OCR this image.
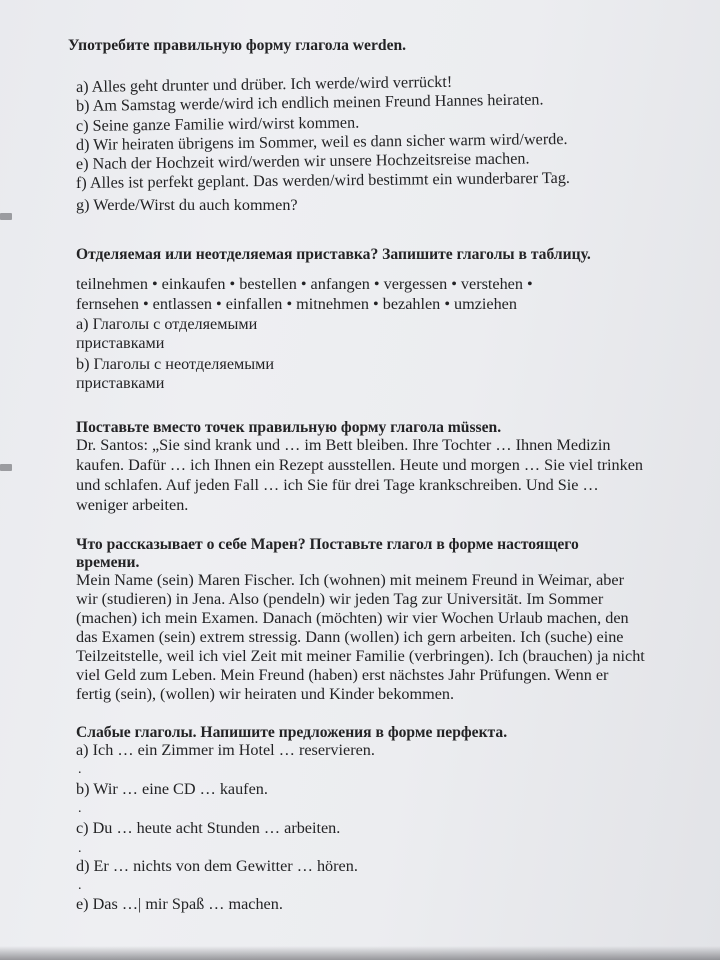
Употребите правильную форму глагола werden.
a) Alles geht drunter und drüber. Ich werde/wird verrückt!
b) Am Samstag werde/wird ich endlich meinen Freund Hannes heiraten.
c) Seine ganze Familie wird/wirst kommen.
d) Wir heiraten übrigens im Sommer, weil es dann sicher warm wird/werde.
e) Nach der Hochzeit wird/werden wir unsere Hochzeitsreise machen.
f) Alles ist perfekt geplant. Das werden/wird bestimmt ein wunderbarer Tag.
g) Werde/Wirst du auch kommen?
Отделяемая или неотделяемая приставка? Запишите глаголы в таблицу.
teilnehmen • einkaufen • bestellen • anfangen • vergessen • verstehen •
fernsehen • entlassen • einfallen • mitnehmen • bezahlen • umziehen
a) Глаголы с отделяемыми
приставками
b) Глаголы с неотделяемыми
приставками
Поставьте вместо точек правильную форму глагола müssen.
Dr. Santos: „Sie sind krank und … im Bett bleiben. Ihre Tochter … Ihnen Medizin
kaufen. Dafür … ich Ihnen ein Rezept ausstellen. Heute und morgen … Sie viel trinken
und schlafen. Auf jeden Fall … ich Sie für drei Tage krankschreiben. Und Sie …
weniger arbeiten.
Что рассказывает о себе Марен? Поставьте глагол в форме настоящего
времени.
Mein Name (sein) Maren Fischer. Ich (wohnen) mit meinem Freund in Weimar, aber
wir (studieren) in Jena. Also (pendeln) wir jeden Tag zur Universität. Im Sommer
(machen) ich mein Examen. Danach (möchten) wir vier Wochen Urlaub machen, den
das Examen (sein) extrem stressig. Dann (wollen) ich gern arbeiten. Ich (suche) eine
Teilzeitstelle, weil ich viel Zeit mit meiner Familie (verbringen). Ich (brauchen) ja nicht
viel Geld zum Leben. Mein Freund (haben) erst nächstes Jahr Prüfungen. Wenn er
fertig (sein), (wollen) wir heiraten und Kinder bekommen.
Слабые глаголы. Напишите предложения в форме перфекта.
a) Ich … ein Zimmer im Hotel … reservieren.
.
b) Wir … eine CD … kaufen.
.
c) Du … heute acht Stunden … arbeiten.
.
d) Er … nichts von dem Gewitter … hören.
.
e) Das …| mir Spaß … machen.
